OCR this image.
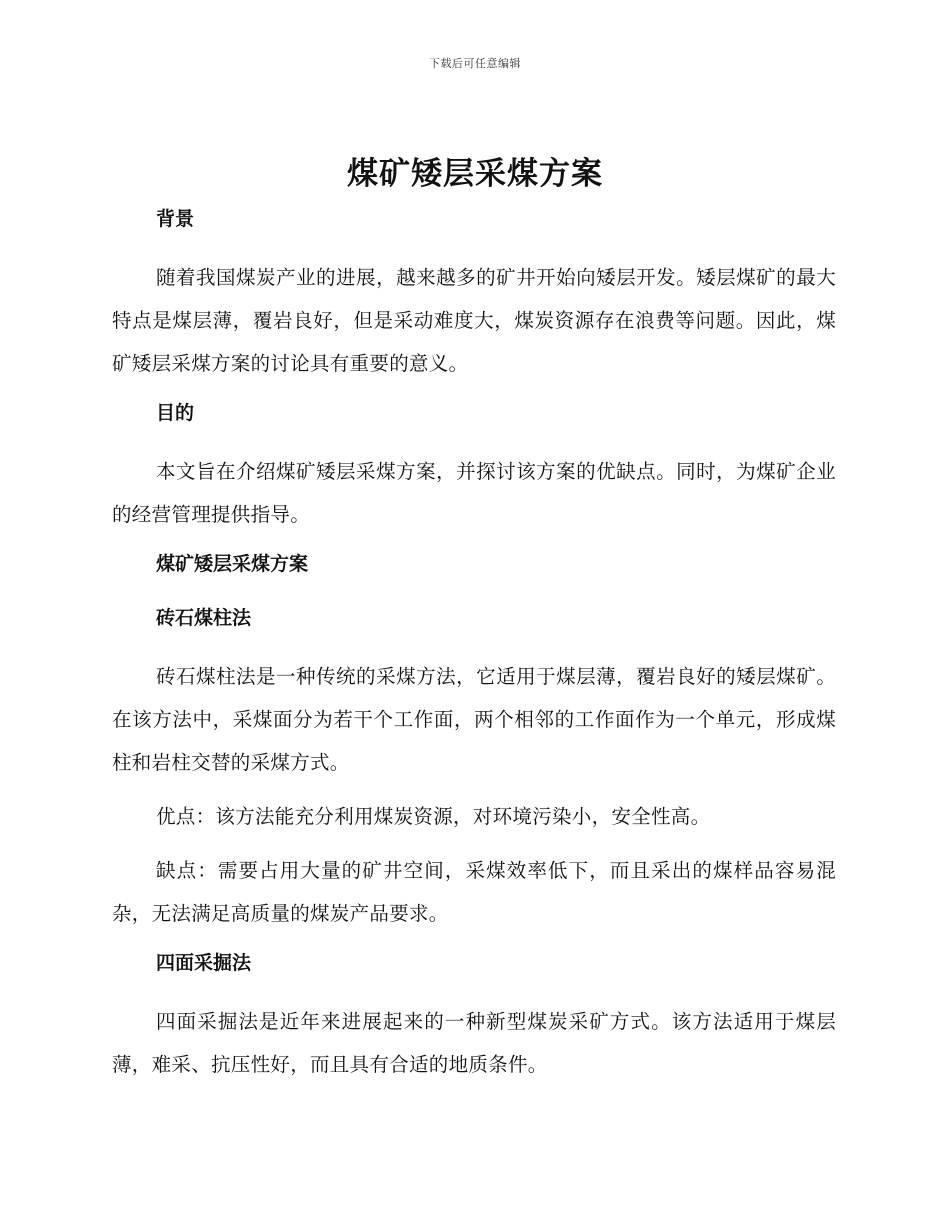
下载后可任意编辑
煤矿矮层采煤方案
背景

随着我国煤炭产业的进展，越来越多的矿井开始向矮层开发。矮层煤矿的最大特点是煤层薄，覆岩良好，但是采动难度大，煤炭资源存在浪费等问题。因此，煤矿矮层采煤方案的讨论具有重要的意义。

目的

本文旨在介绍煤矿矮层采煤方案，并探讨该方案的优缺点。同时，为煤矿企业的经营管理提供指导。

煤矿矮层采煤方案
砖石煤柱法

砖石煤柱法是一种传统的采煤方法，它适用于煤层薄，覆岩良好的矮层煤矿。在该方法中，采煤面分为若干个工作面，两个相邻的工作面作为一个单元，形成煤柱和岩柱交替的采煤方式。

优点：该方法能充分利用煤炭资源，对环境污染小，安全性高。

缺点：需要占用大量的矿井空间，采煤效率低下，而且采出的煤样品容易混杂，无法满足高质量的煤炭产品要求。

四面采掘法

四面采掘法是近年来进展起来的一种新型煤炭采矿方式。该方法适用于煤层薄，难采、抗压性好，而且具有合适的地质条件。
